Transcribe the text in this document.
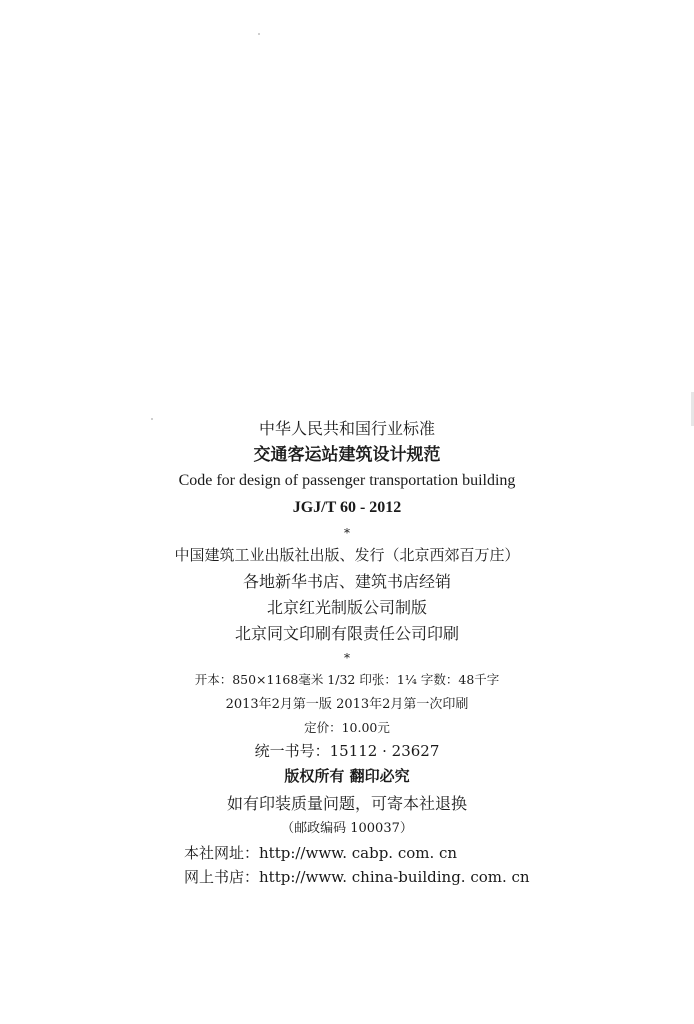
中华人民共和国行业标准
交通客运站建筑设计规范
Code for design of passenger transportation building
JGJ/T 60 - 2012
*
中国建筑工业出版社出版、发行（北京西郊百万庄）
各地新华书店、建筑书店经销
北京红光制版公司制版
北京同文印刷有限责任公司印刷
*
开本：850×1168毫米 1/32 印张：1¼ 字数：48千字
2013年2月第一版 2013年2月第一次印刷
定价：10.00元
统一书号：15112 · 23627
版权所有 翻印必究
如有印装质量问题，可寄本社退换
（邮政编码 100037）
本社网址：http://www. cabp. com. cn
网上书店：http://www. china-building. com. cn
